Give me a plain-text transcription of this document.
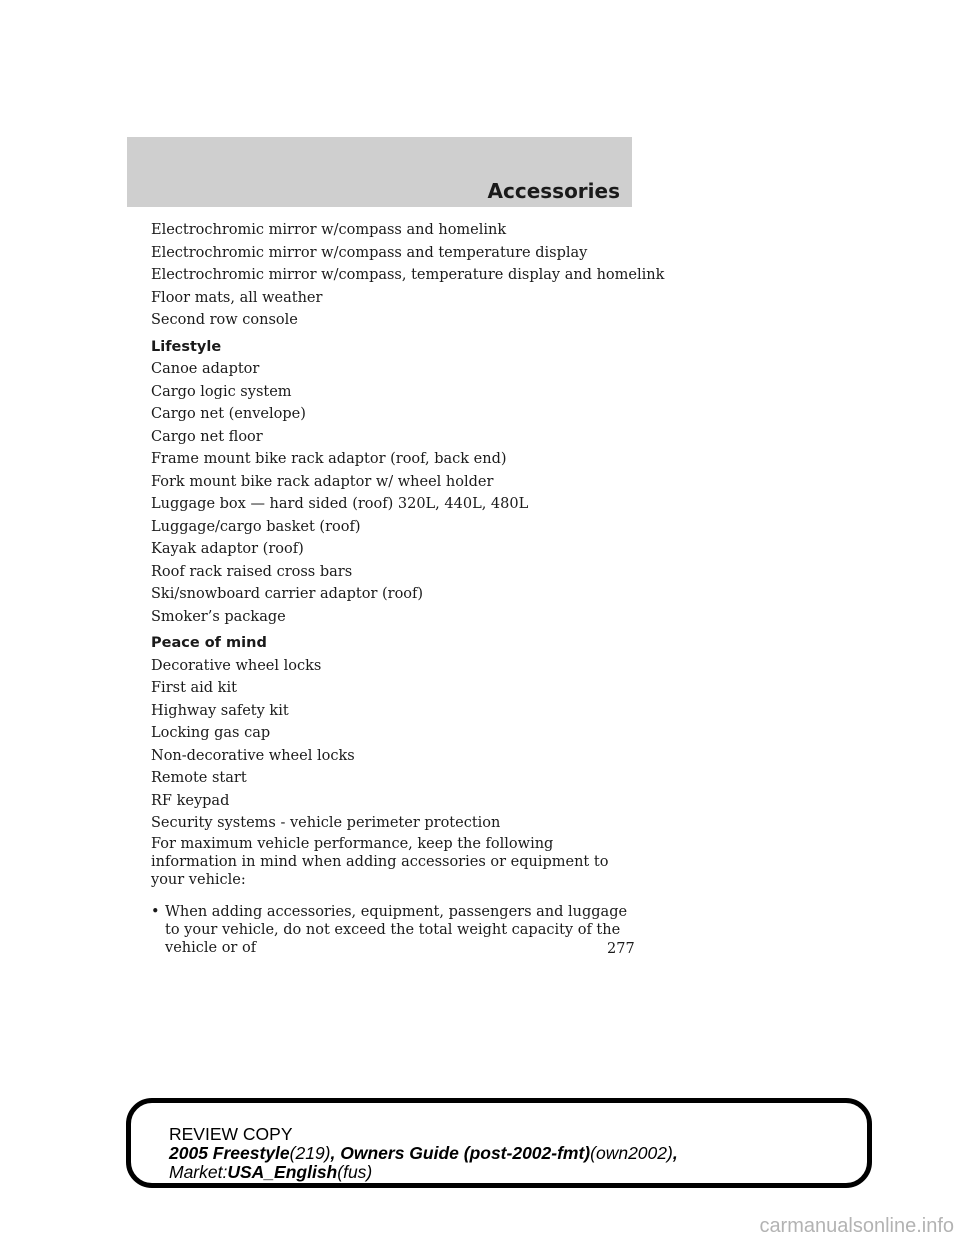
Accessories

Electrochromic mirror w/compass and homelink

Electrochromic mirror w/compass and temperature display

Electrochromic mirror w/compass, temperature display and homelink

Floor mats, all weather

Second row console

Lifestyle

Canoe adaptor

Cargo logic system

Cargo net (envelope)

Cargo net floor

Frame mount bike rack adaptor (roof, back end)

Fork mount bike rack adaptor w/ wheel holder

Luggage box — hard sided (roof) 320L, 440L, 480L

Luggage/cargo basket (roof)

Kayak adaptor (roof)

Roof rack raised cross bars

Ski/snowboard carrier adaptor (roof)

Smoker’s package

Peace of mind

Decorative wheel locks

First aid kit

Highway safety kit

Locking gas cap

Non-decorative wheel locks

Remote start

RF keypad

Security systems - vehicle perimeter protection

For maximum vehicle performance, keep the following information in mind when adding accessories or equipment to your vehicle:

• When adding accessories, equipment, passengers and luggage to your vehicle, do not exceed the total weight capacity of the vehicle or of	277
REVIEW COPY
2005 Freestyle(219), Owners Guide (post-2002-fmt)(own2002),
Market:USA_English(fus)
carmanualsonline.info
